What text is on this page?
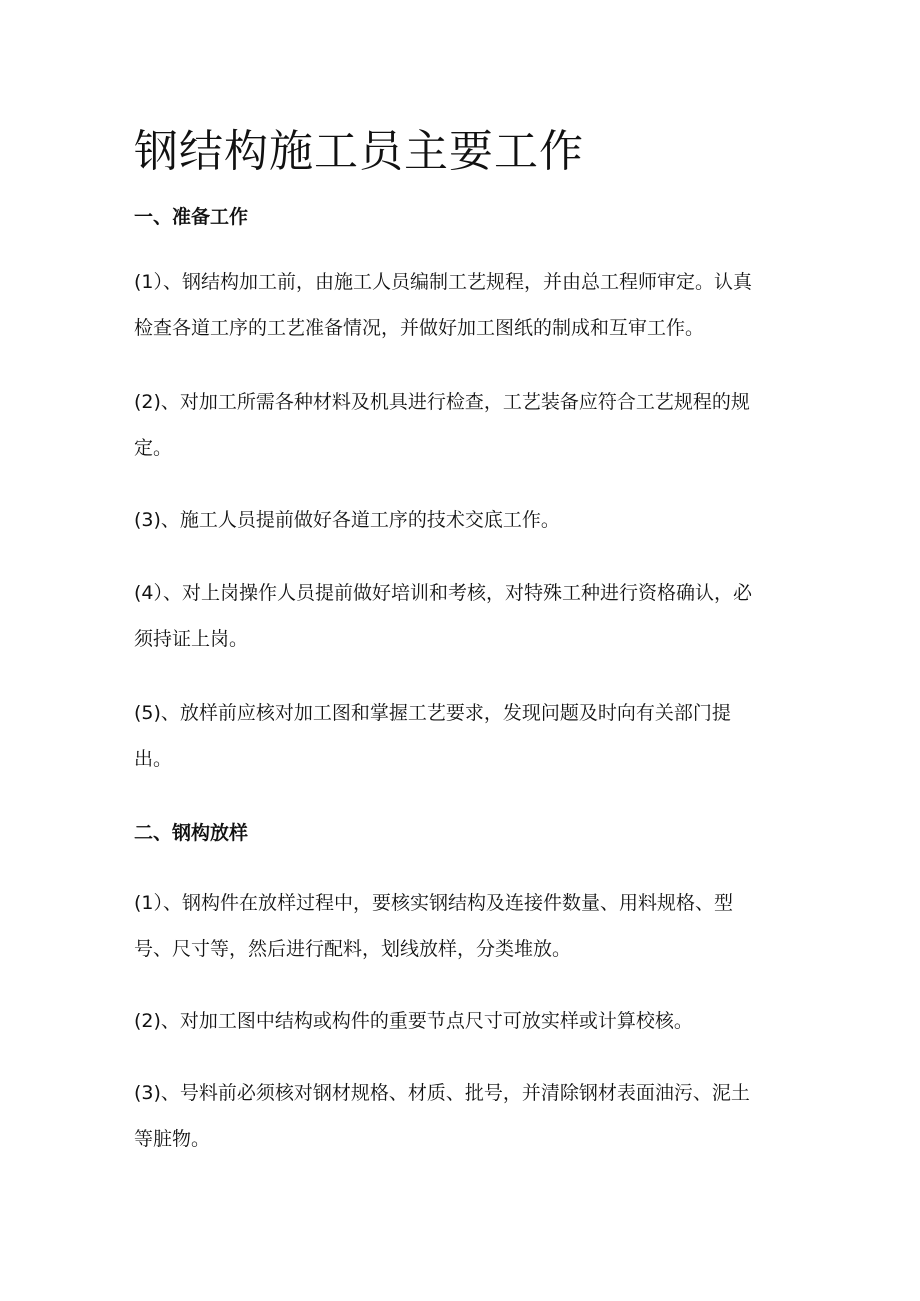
钢结构施工员主要工作
一、准备工作

(1）、钢结构加工前，由施工人员编制工艺规程，并由总工程师审定。认真
检查各道工序的工艺准备情况，并做好加工图纸的制成和互审工作。

(2)、对加工所需各种材料及机具进行检查，工艺装备应符合工艺规程的规
定。

(3)、施工人员提前做好各道工序的技术交底工作。

(4）、对上岗操作人员提前做好培训和考核，对特殊工种进行资格确认，必
须持证上岗。

(5)、放样前应核对加工图和掌握工艺要求，发现问题及时向有关部门提
出。

二、钢构放样

(1）、钢构件在放样过程中，要核实钢结构及连接件数量、用料规格、型
号、尺寸等，然后进行配料，划线放样，分类堆放。

(2)、对加工图中结构或构件的重要节点尺寸可放实样或计算校核。

(3)、号料前必须核对钢材规格、材质、批号，并清除钢材表面油污、泥土
等脏物。
